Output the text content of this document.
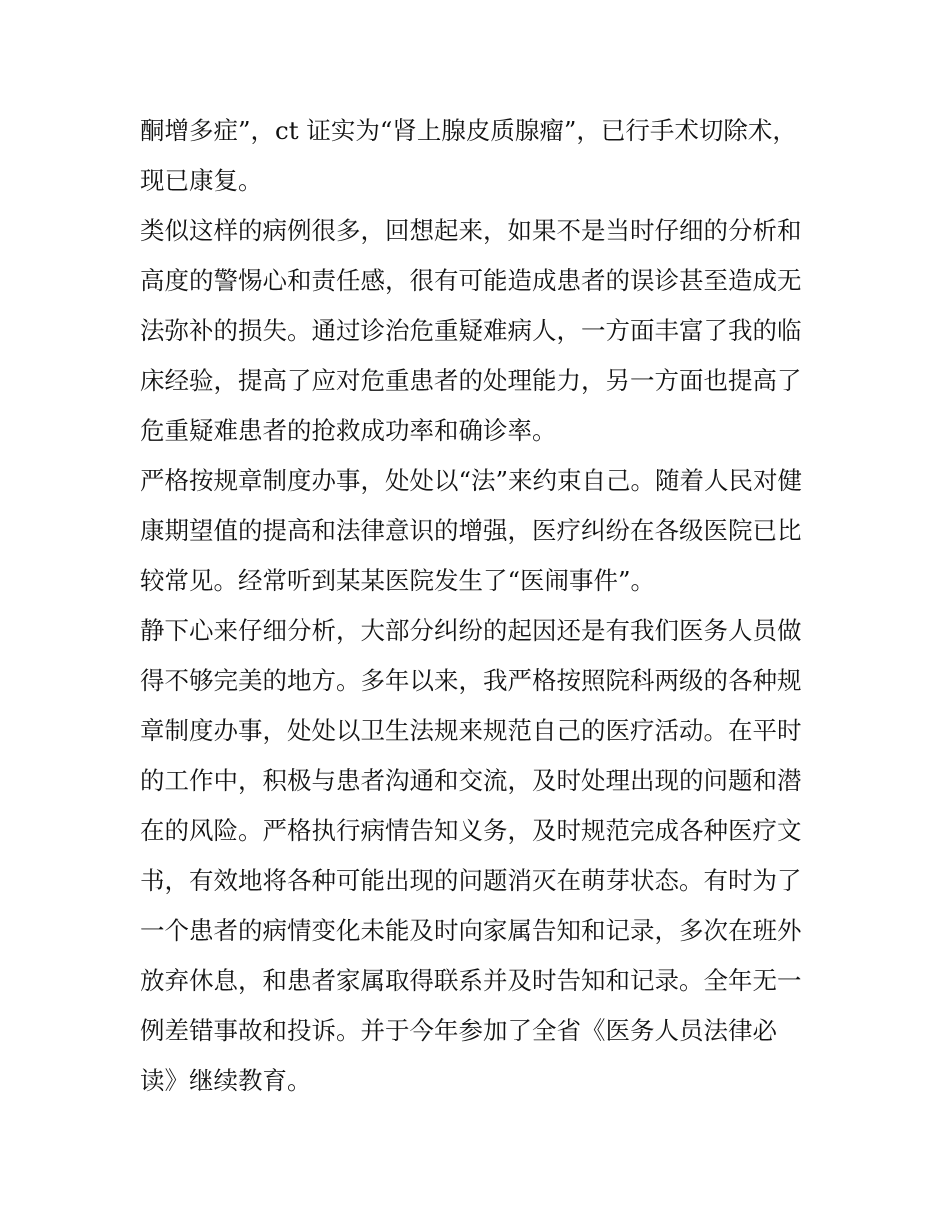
酮增多症”，ct 证实为“肾上腺皮质腺瘤”，已行手术切除术，
现已康复。
类似这样的病例很多，回想起来，如果不是当时仔细的分析和
高度的警惕心和责任感，很有可能造成患者的误诊甚至造成无
法弥补的损失。通过诊治危重疑难病人，一方面丰富了我的临
床经验，提高了应对危重患者的处理能力，另一方面也提高了
危重疑难患者的抢救成功率和确诊率。
严格按规章制度办事，处处以“法”来约束自己。随着人民对健
康期望值的提高和法律意识的增强，医疗纠纷在各级医院已比
较常见。经常听到某某医院发生了“医闹事件”。
静下心来仔细分析，大部分纠纷的起因还是有我们医务人员做
得不够完美的地方。多年以来，我严格按照院科两级的各种规
章制度办事，处处以卫生法规来规范自己的医疗活动。在平时
的工作中，积极与患者沟通和交流，及时处理出现的问题和潜
在的风险。严格执行病情告知义务，及时规范完成各种医疗文
书，有效地将各种可能出现的问题消灭在萌芽状态。有时为了
一个患者的病情变化未能及时向家属告知和记录，多次在班外
放弃休息，和患者家属取得联系并及时告知和记录。全年无一
例差错事故和投诉。并于今年参加了全省《医务人员法律必
读》继续教育。
